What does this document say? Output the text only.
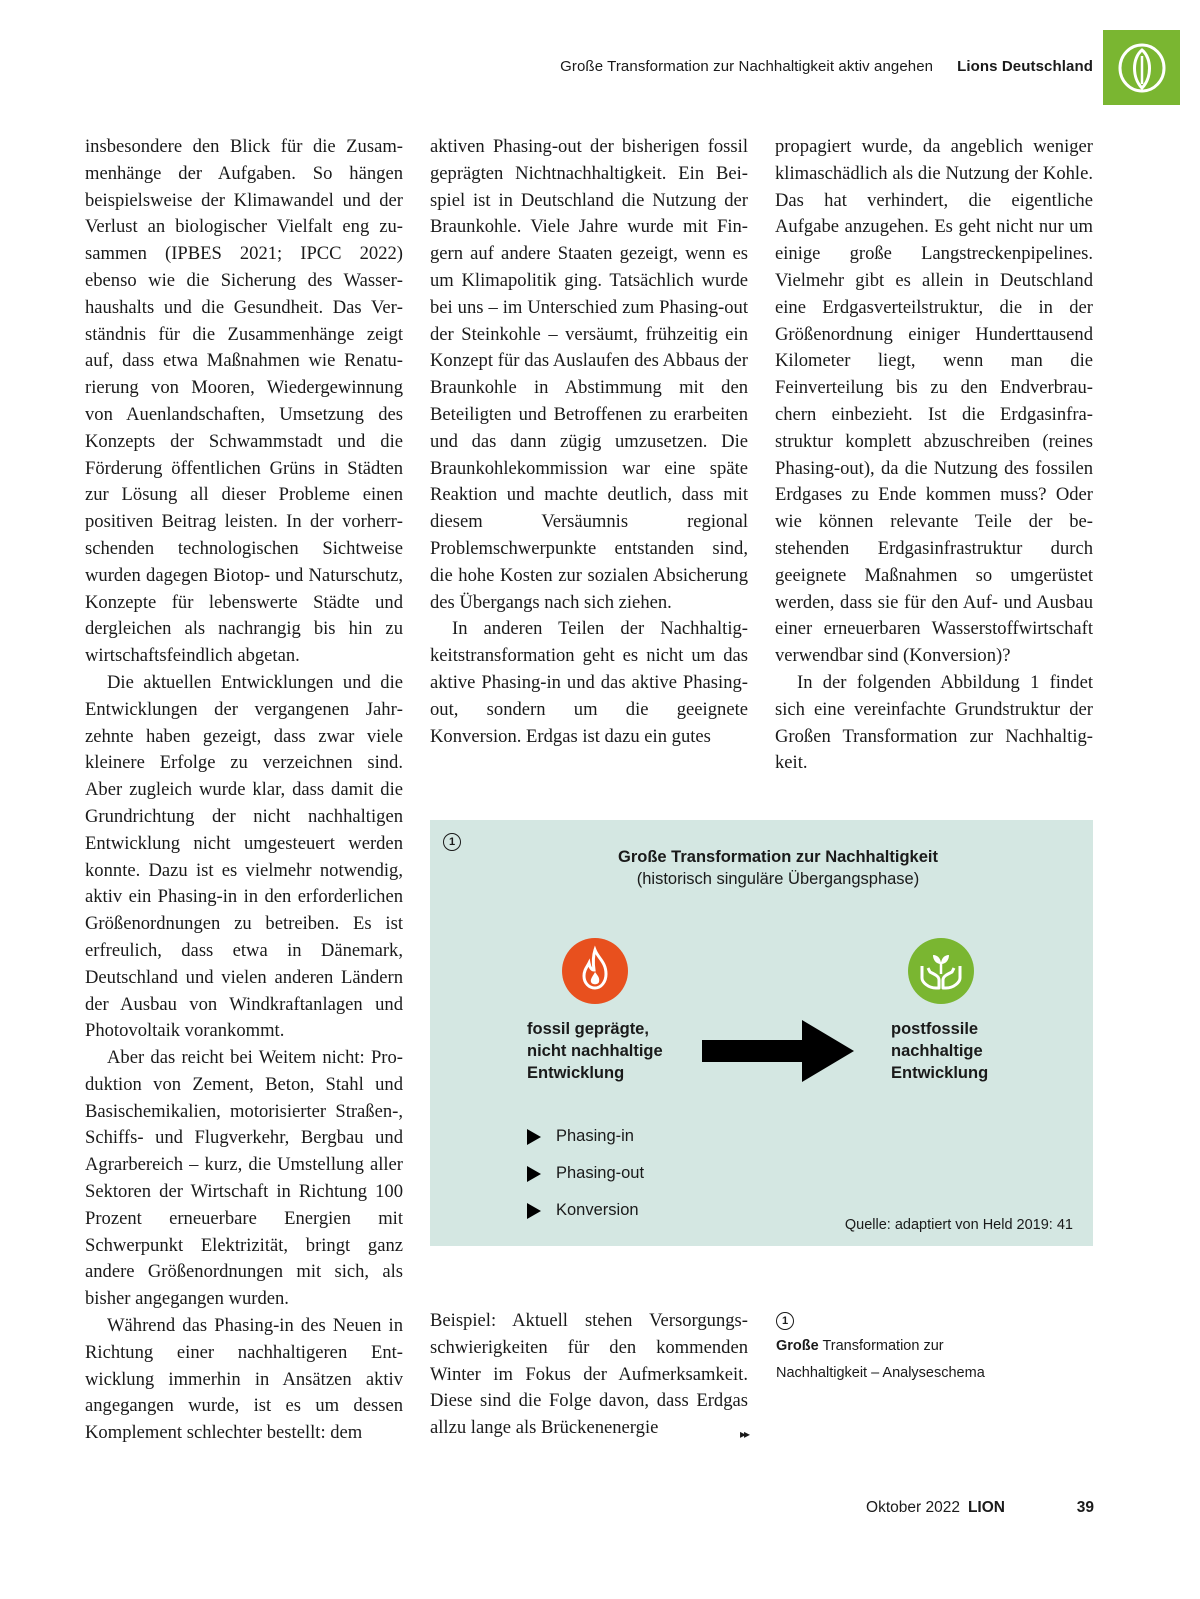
Große Transformation zur Nachhaltigkeit aktiv angehen Lions Deutschland

insbesondere den Blick für die Zusammenhänge der Aufgaben. So hängen beispielsweise der Klimawandel und der Verlust an biologischer Vielfalt eng zusammen (IPBES 2021; IPCC 2022) ebenso wie die Sicherung des Wasserhaushalts und die Gesundheit. Das Verständnis für die Zusammenhänge zeigt auf, dass etwa Maßnahmen wie Renaturierung von Mooren, Wiedergewinnung von Auenlandschaften, Umsetzung des Konzepts der Schwammstadt und die Förderung öffentlichen Grüns in Städten zur Lösung all dieser Probleme einen positiven Beitrag leisten. In der vorherrschenden technologischen Sichtweise wurden dagegen Biotop- und Naturschutz, Konzepte für lebenswerte Städte und dergleichen als nachrangig bis hin zu wirtschaftsfeindlich abgetan.

Die aktuellen Entwicklungen und die Entwicklungen der vergangenen Jahrzehnte haben gezeigt, dass zwar viele kleinere Erfolge zu verzeichnen sind. Aber zugleich wurde klar, dass damit die Grundrichtung der nicht nachhaltigen Entwicklung nicht umgesteuert werden konnte. Dazu ist es vielmehr notwendig, aktiv ein Phasing-in in den erforderlichen Größenordnungen zu betreiben. Es ist erfreulich, dass etwa in Dänemark, Deutschland und vielen anderen Ländern der Ausbau von Windkraftanlagen und Photovoltaik vorankommt.

Aber das reicht bei Weitem nicht: Produktion von Zement, Beton, Stahl und Basischemikalien, motorisierter Straßen-, Schiffs- und Flugverkehr, Bergbau und Agrarbereich – kurz, die Umstellung aller Sektoren der Wirtschaft in Richtung 100 Prozent erneuerbare Energien mit Schwerpunkt Elektrizität, bringt ganz andere Größenordnungen mit sich, als bisher angegangen wurden.

Während das Phasing-in des Neuen in Richtung einer nachhaltigeren Entwicklung immerhin in Ansätzen aktiv angegangen wurde, ist es um dessen Komplement schlechter bestellt: dem

aktiven Phasing-out der bisherigen fossil geprägten Nichtnachhaltigkeit. Ein Beispiel ist in Deutschland die Nutzung der Braunkohle. Viele Jahre wurde mit Fingern auf andere Staaten gezeigt, wenn es um Klimapolitik ging. Tatsächlich wurde bei uns – im Unterschied zum Phasing-out der Steinkohle – versäumt, frühzeitig ein Konzept für das Auslaufen des Abbaus der Braunkohle in Abstimmung mit den Beteiligten und Betroffenen zu erarbeiten und das dann zügig umzusetzen. Die Braunkohlekommission war eine späte Reaktion und machte deutlich, dass mit diesem Versäumnis regional Problemschwerpunkte entstanden sind, die hohe Kosten zur sozialen Absicherung des Übergangs nach sich ziehen.

In anderen Teilen der Nachhaltigkeitstransformation geht es nicht um das aktive Phasing-in und das aktive Phasing-out, sondern um die geeignete Konversion. Erdgas ist dazu ein gutes

propagiert wurde, da angeblich weniger klimaschädlich als die Nutzung der Kohle. Das hat verhindert, die eigentliche Aufgabe anzugehen. Es geht nicht nur um einige große Langstreckenpipelines. Vielmehr gibt es allein in Deutschland eine Erdgasverteilstruktur, die in der Größenordnung einiger Hunderttausend Kilometer liegt, wenn man die Feinverteilung bis zu den Endverbrauchern einbezieht. Ist die Erdgasinfrastruktur komplett abzuschreiben (reines Phasing-out), da die Nutzung des fossilen Erdgases zu Ende kommen muss? Oder wie können relevante Teile der bestehenden Erdgasinfrastruktur durch geeignete Maßnahmen so umgerüstet werden, dass sie für den Auf- und Ausbau einer erneuerbaren Wasserstoffwirtschaft verwendbar sind (Konversion)?

In der folgenden Abbildung 1 findet sich eine vereinfachte Grundstruktur der Großen Transformation zur Nachhaltigkeit.

1
Große Transformation zur Nachhaltigkeit
(historisch singuläre Übergangsphase)
fossil geprägte,
nicht nachhaltige
Entwicklung
postfossile
nachhaltige
Entwicklung
Phasing-in
Phasing-out
Konversion
Quelle: adaptiert von Held 2019: 41

Beispiel: Aktuell stehen Versorgungsschwierigkeiten für den kommenden Winter im Fokus der Aufmerksamkeit. Diese sind die Folge davon, dass Erdgas allzu lange als Brückenenergie	▸▸

1
Große Transformation zur
Nachhaltigkeit – Analyseschema
Oktober 2022 LION	39
